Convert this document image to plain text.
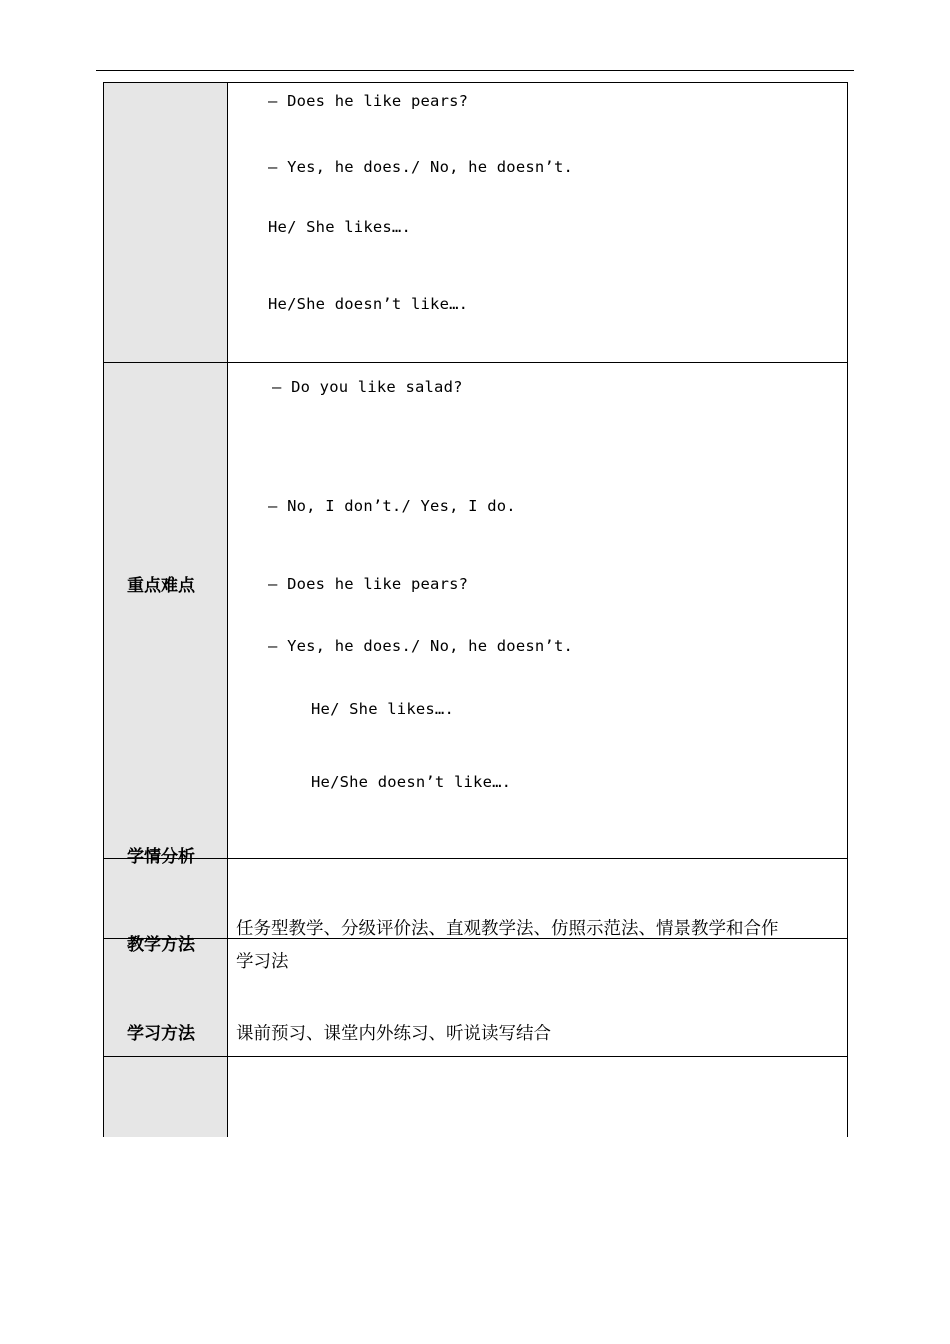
— Does he like pears?
— Yes, he does./ No, he doesn’t.
He/ She likes….
He/She doesn’t like….
重点难点
— Do you like salad?
— No, I don’t./ Yes, I do.
— Does he like pears?
— Yes, he does./ No, he doesn’t.
He/ She likes….
He/She doesn’t like….
学情分析
教学方法
任务型教学、分级评价法、直观教学法、仿照示范法、情景教学和合作
学习法
学习方法 课前预习、课堂内外练习、听说读写结合
